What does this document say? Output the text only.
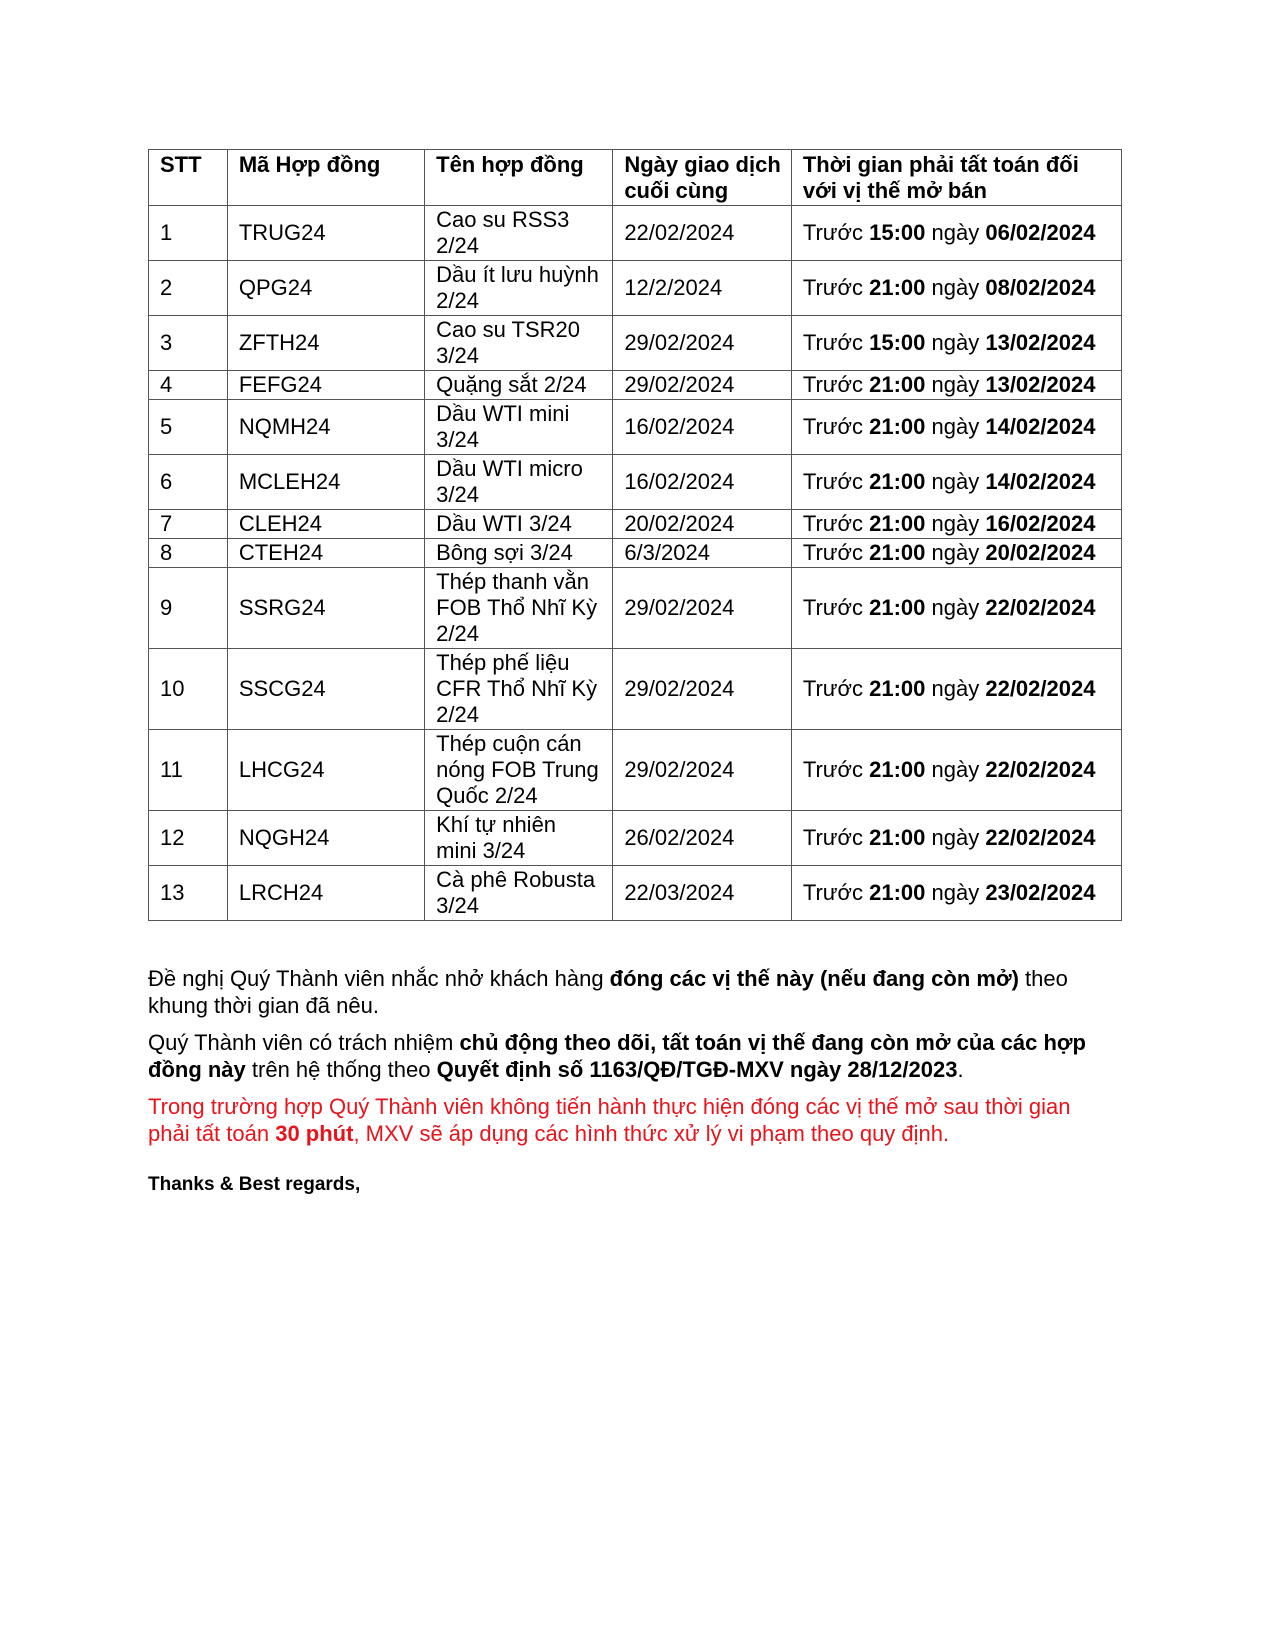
STT	Mã Hợp đồng	Tên hợp đồng	Ngày giao dịch cuối cùng	Thời gian phải tất toán đối với vị thế mở bán
1	TRUG24	Cao su RSS3 2/24	22/02/2024	Trước 15:00 ngày 06/02/2024
2	QPG24	Dầu ít lưu huỳnh 2/24	12/2/2024	Trước 21:00 ngày 08/02/2024
3	ZFTH24	Cao su TSR20 3/24	29/02/2024	Trước 15:00 ngày 13/02/2024
4	FEFG24	Quặng sắt 2/24	29/02/2024	Trước 21:00 ngày 13/02/2024
5	NQMH24	Dầu WTI mini 3/24	16/02/2024	Trước 21:00 ngày 14/02/2024
6	MCLEH24	Dầu WTI micro 3/24	16/02/2024	Trước 21:00 ngày 14/02/2024
7	CLEH24	Dầu WTI 3/24	20/02/2024	Trước 21:00 ngày 16/02/2024
8	CTEH24	Bông sợi 3/24	6/3/2024	Trước 21:00 ngày 20/02/2024
9	SSRG24	Thép thanh vằn FOB Thổ Nhĩ Kỳ 2/24	29/02/2024	Trước 21:00 ngày 22/02/2024
10	SSCG24	Thép phế liệu CFR Thổ Nhĩ Kỳ 2/24	29/02/2024	Trước 21:00 ngày 22/02/2024
11	LHCG24	Thép cuộn cán nóng FOB Trung Quốc 2/24	29/02/2024	Trước 21:00 ngày 22/02/2024
12	NQGH24	Khí tự nhiên mini 3/24	26/02/2024	Trước 21:00 ngày 22/02/2024
13	LRCH24	Cà phê Robusta 3/24	22/03/2024	Trước 21:00 ngày 23/02/2024

Đề nghị Quý Thành viên nhắc nhở khách hàng đóng các vị thế này (nếu đang còn mở) theo khung thời gian đã nêu.

Quý Thành viên có trách nhiệm chủ động theo dõi, tất toán vị thế đang còn mở của các hợp đồng này trên hệ thống theo Quyết định số 1163/QĐ/TGĐ-MXV ngày 28/12/2023.

Trong trường hợp Quý Thành viên không tiến hành thực hiện đóng các vị thế mở sau thời gian phải tất toán 30 phút, MXV sẽ áp dụng các hình thức xử lý vi phạm theo quy định.

Thanks & Best regards,
